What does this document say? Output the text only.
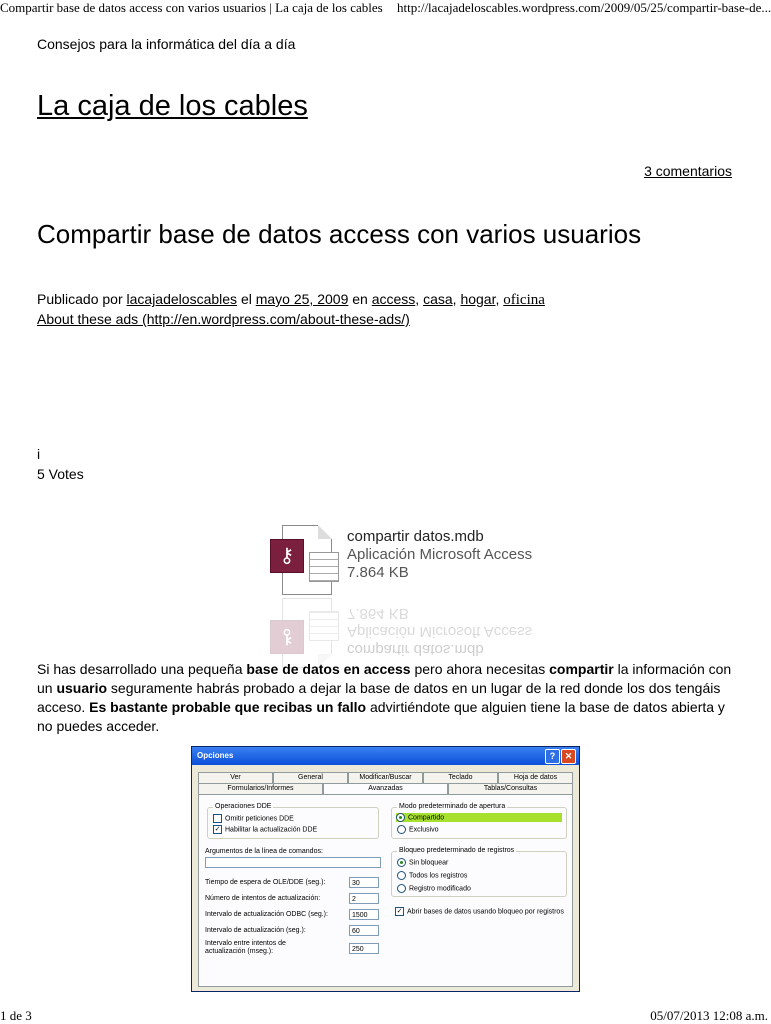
Compartir base de datos access con varios usuarios | La caja de los cables http://lacajadeloscables.wordpress.com/2009/05/25/compartir-base-de...
Consejos para la informática del día a día
La caja de los cables
3 comentarios
Compartir base de datos access con varios usuarios
Publicado por lacajadeloscables el mayo 25, 2009 en access, casa, hogar, oficina
About these ads (http://en.wordpress.com/about-these-ads/)
i
5 Votes
⚷
compartir datos.mdb
Aplicación Microsoft Access
7.864 KB
⚷
compartir datos.mdb
Aplicación Microsoft Access
7.864 KB
Si has desarrollado una pequeña base de datos en access pero ahora necesitas compartir la información con un usuario seguramente habrás probado a dejar la base de datos en un lugar de la red donde los dos tengáis acceso. Es bastante probable que recibas un fallo advirtiéndote que alguien tiene la base de datos abierta y no puedes acceder.
Opciones	?	✕
Ver	General	Modificar/Buscar	Teclado	Hoja de datos
Formularios/Informes	Avanzadas	Tablas/Consultas
Operaciones DDE
Omitir peticiones DDE
✓ Habilitar la actualización DDE
Argumentos de la línea de comandos:
Tiempo de espera de OLE/DDE (seg.):	30
Número de intentos de actualización:	2
Intervalo de actualización ODBC (seg.):	1500
Intervalo de actualización (seg.):	60
Intervalo entre intentos de
actualización (mseg.):	250
Modo predeterminado de apertura
Compartido
Exclusivo
Bloqueo predeterminado de registros
Sin bloquear
Todos los registros
Registro modificado
✓ Abrir bases de datos usando bloqueo por registros
1 de 3	05/07/2013 12:08 a.m.
